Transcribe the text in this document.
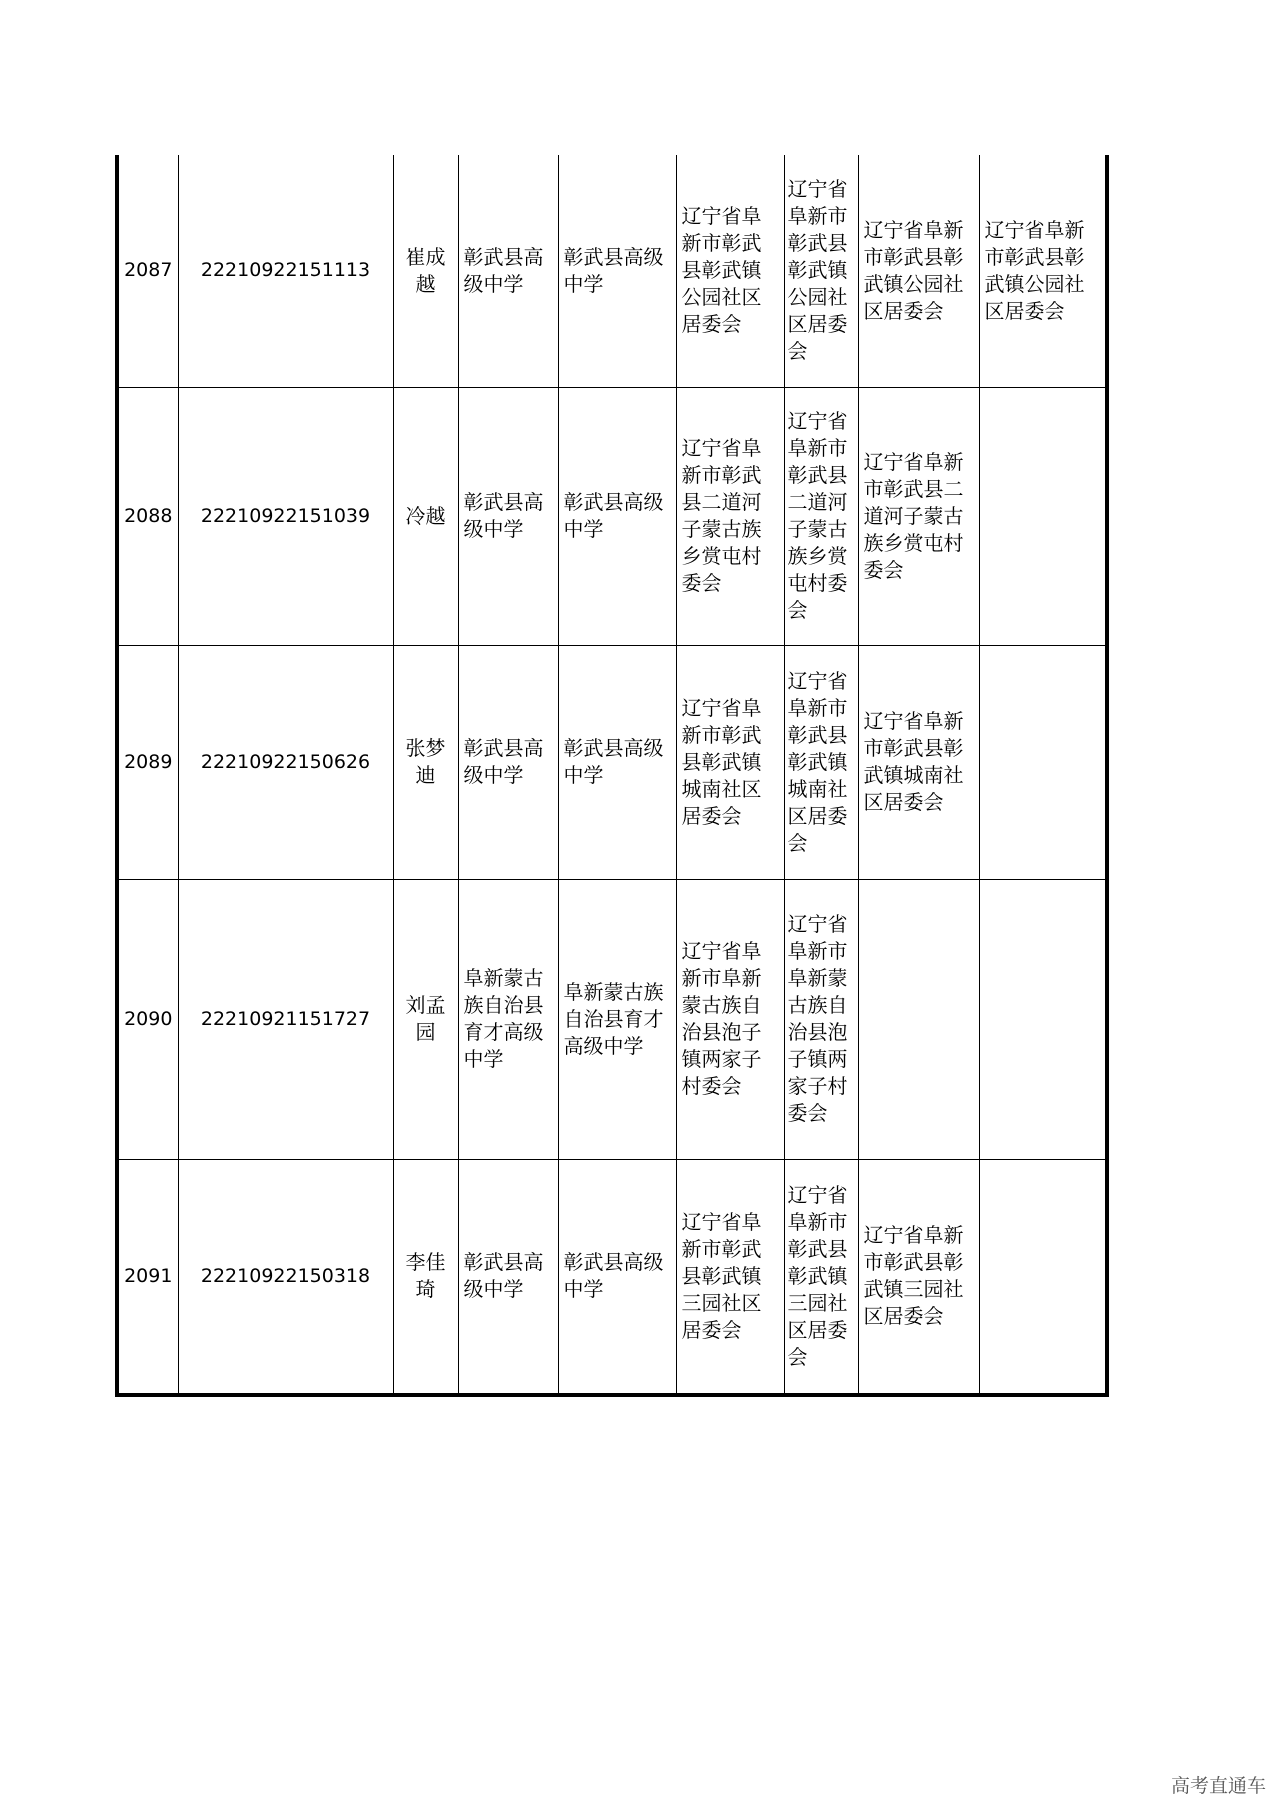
2087	22210922151113	崔成越	彰武县高级中学	彰武县高级中学	辽宁省阜新市彰武县彰武镇公园社区居委会	辽宁省阜新市彰武县彰武镇公园社区居委会	辽宁省阜新市彰武县彰武镇公园社区居委会	辽宁省阜新市彰武县彰武镇公园社区居委会
2088	22210922151039	冷越	彰武县高级中学	彰武县高级中学	辽宁省阜新市彰武县二道河子蒙古族乡赏屯村委会	辽宁省阜新市彰武县二道河子蒙古族乡赏屯村委会	辽宁省阜新市彰武县二道河子蒙古族乡赏屯村委会	
2089	22210922150626	张梦迪	彰武县高级中学	彰武县高级中学	辽宁省阜新市彰武县彰武镇城南社区居委会	辽宁省阜新市彰武县彰武镇城南社区居委会	辽宁省阜新市彰武县彰武镇城南社区居委会	
2090	22210921151727	刘孟园	阜新蒙古族自治县育才高级中学	阜新蒙古族自治县育才高级中学	辽宁省阜新市阜新蒙古族自治县泡子镇两家子村委会	辽宁省阜新市阜新蒙古族自治县泡子镇两家子村委会		
2091	22210922150318	李佳琦	彰武县高级中学	彰武县高级中学	辽宁省阜新市彰武县彰武镇三园社区居委会	辽宁省阜新市彰武县彰武镇三园社区居委会	辽宁省阜新市彰武县彰武镇三园社区居委会	
高考直通车
